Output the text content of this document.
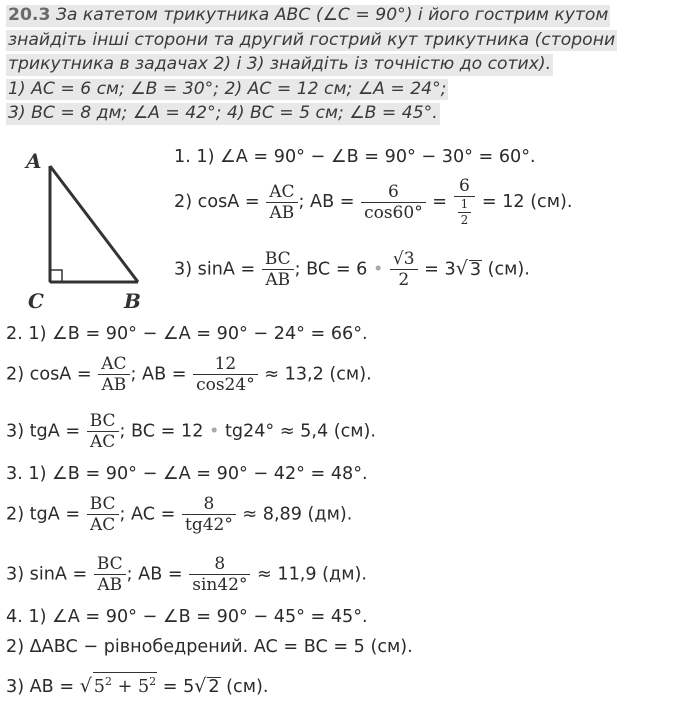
20.3 За катетом трикутника ABC (∠C = 90°) і його гострим кутом
знайдіть інші сторони та другий гострий кут трикутника (сторони
трикутника в задачах 2) і 3) знайдіть із точністю до сотих).
1) AC = 6 см; ∠B = 30°; 2) AC = 12 см; ∠A = 24°;
3) BC = 8 дм; ∠A = 42°; 4) BC = 5 см; ∠B = 45°.
A
C	B
1. 1) ∠A = 90° − ∠B = 90° − 30° = 60°.
2) $\cos A = \frac{AC}{AB}$ ; AB = $\frac{6}{\cos 60^\circ} = \frac{6}{\frac{1}{2}} = 12$ (см).
3) $\sin A = \frac{BC}{AB}$ ; BC = 6 • $\frac{√3}{2} = 3√$ 3 (см).
2. 1) ∠B = 90° − ∠A = 90° − 24° = 66°.
2) $\cos A = \frac{AC}{AB}$ ; AB = $\frac{12}{\cos 24^\circ} \approx 13,2$ (см).
3) tgA = $\frac{BC}{AC}$ ; BC = 12 • tg24° ≈ 5,4 (см).
3. 1) ∠B = 90° − ∠A = 90° − 42° = 48°.
2) tgA = $\frac{BC}{AC}$ ; AC = $\frac{8}{tg42^\circ} \approx 8,89$ (дм).
3) $\sin A = \frac{BC}{AB}$ ; AB = $\frac{8}{\sin 42^\circ} \approx 11,9$ (дм).
4. 1) ∠A = 90° − ∠B = 90° − 45° = 45°.
2) ΔABC − рівнобедрений. AC = BC = 5 (см).
3) AB = √ $5^2 + 5^2 = 5√$ 2 (см).
